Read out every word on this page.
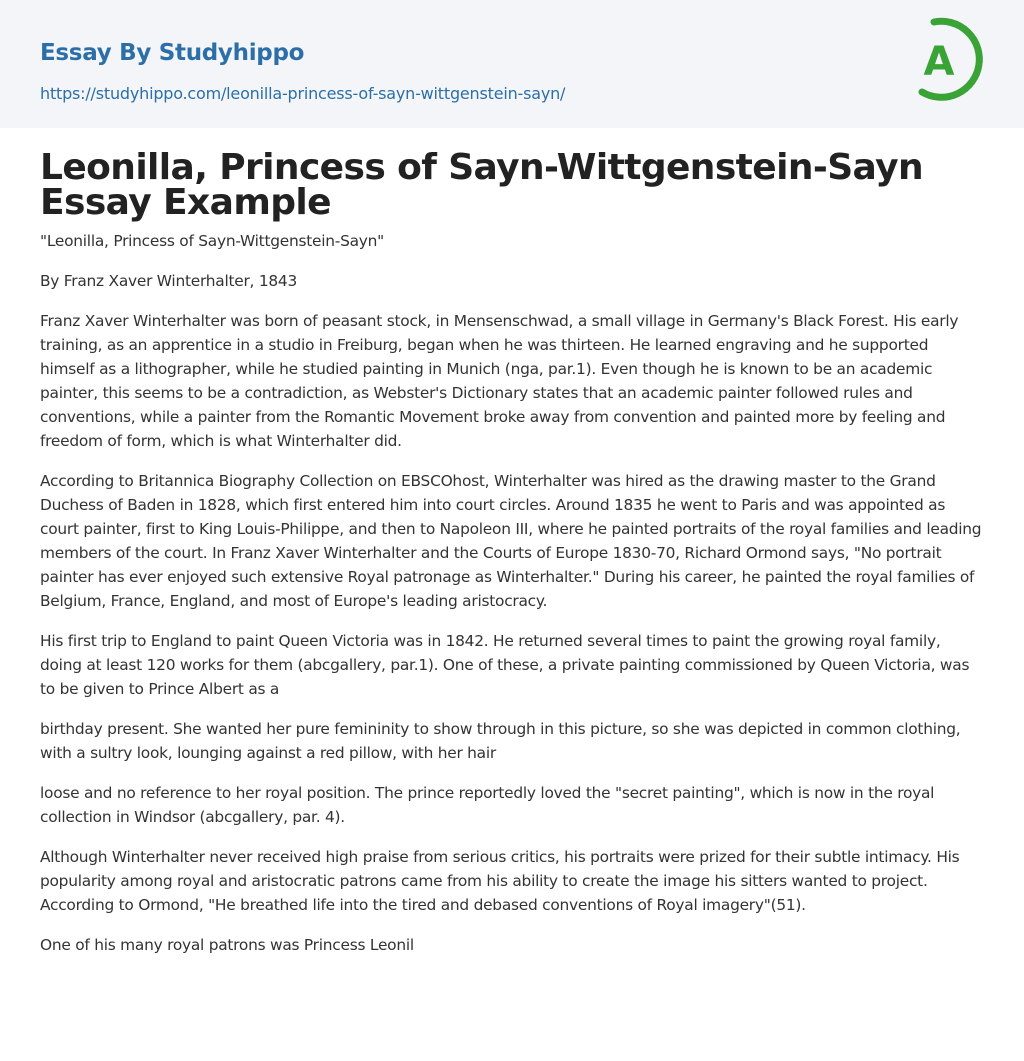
Essay By Studyhippo
https://studyhippo.com/leonilla-princess-of-sayn-wittgenstein-sayn/
A
Leonilla, Princess of Sayn-Wittgenstein-Sayn Essay Example

"Leonilla, Princess of Sayn-Wittgenstein-Sayn"

By Franz Xaver Winterhalter, 1843

Franz Xaver Winterhalter was born of peasant stock, in Mensenschwad, a small village in Germany's Black Forest. His early training, as an apprentice in a studio in Freiburg, began when he was thirteen. He learned engraving and he supported himself as a lithographer, while he studied painting in Munich (nga, par.1). Even though he is known to be an academic painter, this seems to be a contradiction, as Webster's Dictionary states that an academic painter followed rules and conventions, while a painter from the Romantic Movement broke away from convention and painted more by feeling and freedom of form, which is what Winterhalter did.

According to Britannica Biography Collection on EBSCOhost, Winterhalter was hired as the drawing master to the Grand Duchess of Baden in 1828, which first entered him into court circles. Around 1835 he went to Paris and was appointed as court painter, first to King Louis-Philippe, and then to Napoleon III, where he painted portraits of the royal families and leading members of the court. In Franz Xaver Winterhalter and the Courts of Europe 1830-70, Richard Ormond says, "No portrait painter has ever enjoyed such extensive Royal patronage as Winterhalter." During his career, he painted the royal families of Belgium, France, England, and most of Europe's leading aristocracy.

His first trip to England to paint Queen Victoria was in 1842. He returned several times to paint the growing royal family, doing at least 120 works for them (abcgallery, par.1). One of these, a private painting commissioned by Queen Victoria, was to be given to Prince Albert as a

birthday present. She wanted her pure femininity to show through in this picture, so she was depicted in common clothing, with a sultry look, lounging against a red pillow, with her hair

loose and no reference to her royal position. The prince reportedly loved the "secret painting", which is now in the royal collection in Windsor (abcgallery, par. 4).

Although Winterhalter never received high praise from serious critics, his portraits were prized for their subtle intimacy. His popularity among royal and aristocratic patrons came from his ability to create the image his sitters wanted to project. According to Ormond, "He breathed life into the tired and debased conventions of Royal imagery"(51).

One of his many royal patrons was Princess Leonil
